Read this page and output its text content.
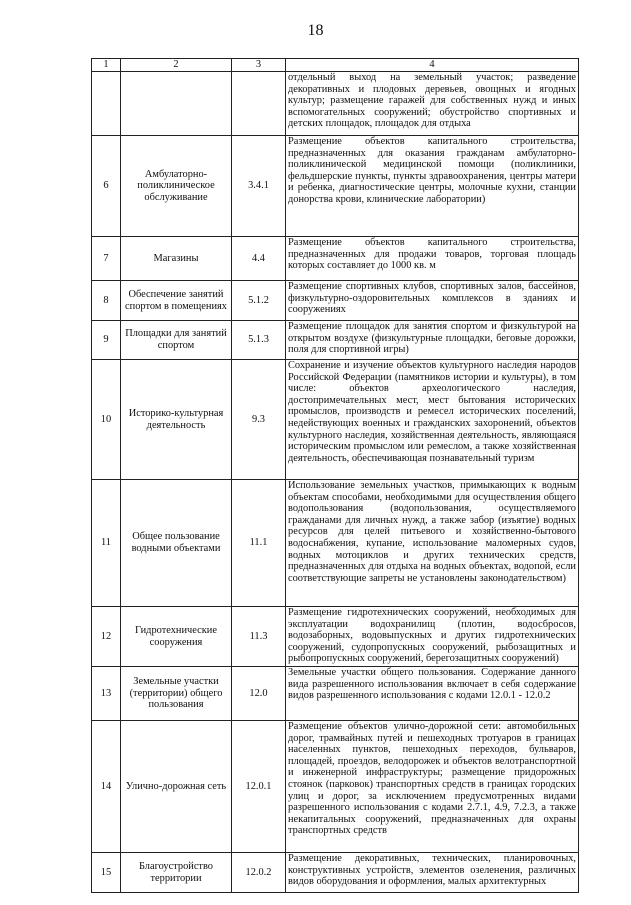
18
1	2	3	4
			отдельный выход на земельный участок; разведение декоративных и плодовых деревьев, овощных и ягодных культур; размещение гаражей для собственных нужд и иных вспомогательных сооружений; обустройство спортивных и детских площадок, площадок для отдыха
6	Амбулаторно-поликлиническое обслуживание	3.4.1	Размещение объектов капитального строительства, предназначенных для оказания гражданам амбулаторно-поликлинической медицинской помощи (поликлиники, фельдшерские пункты, пункты здравоохранения, центры матери и ребенка, диагностические центры, молочные кухни, станции донорства крови, клинические лаборатории)
7	Магазины	4.4	Размещение объектов капитального строительства, предназначенных для продажи товаров, торговая площадь которых составляет до 1000 кв. м
8	Обеспечение занятий спортом в помещениях	5.1.2	Размещение спортивных клубов, спортивных залов, бассейнов, физкультурно-оздоровительных комплексов в зданиях и сооружениях
9	Площадки для занятий спортом	5.1.3	Размещение площадок для занятия спортом и физкультурой на открытом воздухе (физкультурные площадки, беговые дорожки, поля для спортивной игры)
10	Историко-культурная деятельность	9.3	Сохранение и изучение объектов культурного наследия народов Российской Федерации (памятников истории и культуры), в том числе: объектов археологического наследия, достопримечательных мест, мест бытования исторических промыслов, производств и ремесел исторических поселений, недействующих военных и гражданских захоронений, объектов культурного наследия, хозяйственная деятельность, являющаяся историческим промыслом или ремеслом, а также хозяйственная деятельность, обеспечивающая познавательный туризм
11	Общее пользование водными объектами	11.1	Использование земельных участков, примыкающих к водным объектам способами, необходимыми для осуществления общего водопользования (водопользования, осуществляемого гражданами для личных нужд, а также забор (изъятие) водных ресурсов для целей питьевого и хозяйственно-бытового водоснабжения, купание, использование маломерных судов, водных мотоциклов и других технических средств, предназначенных для отдыха на водных объектах, водопой, если соответствующие запреты не установлены законодательством)
12	Гидротехнические сооружения	11.3	Размещение гидротехнических сооружений, необходимых для эксплуатации водохранилищ (плотин, водосбросов, водозаборных, водовыпускных и других гидротехнических сооружений, судопропускных сооружений, рыбозащитных и рыбопропускных сооружений, берегозащитных сооружений)
13	Земельные участки (территории) общего пользования	12.0	Земельные участки общего пользования. Содержание данного вида разрешенного использования включает в себя содержание видов разрешенного использования с кодами 12.0.1 - 12.0.2
14	Улично-дорожная сеть	12.0.1	Размещение объектов улично-дорожной сети: автомобильных дорог, трамвайных путей и пешеходных тротуаров в границах населенных пунктов, пешеходных переходов, бульваров, площадей, проездов, велодорожек и объектов велотранспортной и инженерной инфраструктуры; размещение придорожных стоянок (парковок) транспортных средств в границах городских улиц и дорог, за исключением предусмотренных видами разрешенного использования с кодами 2.7.1, 4.9, 7.2.3, а также некапитальных сооружений, предназначенных для охраны транспортных средств
15	Благоустройство территории	12.0.2	Размещение декоративных, технических, планировочных, конструктивных устройств, элементов озеленения, различных видов оборудования и оформления, малых архитектурных
